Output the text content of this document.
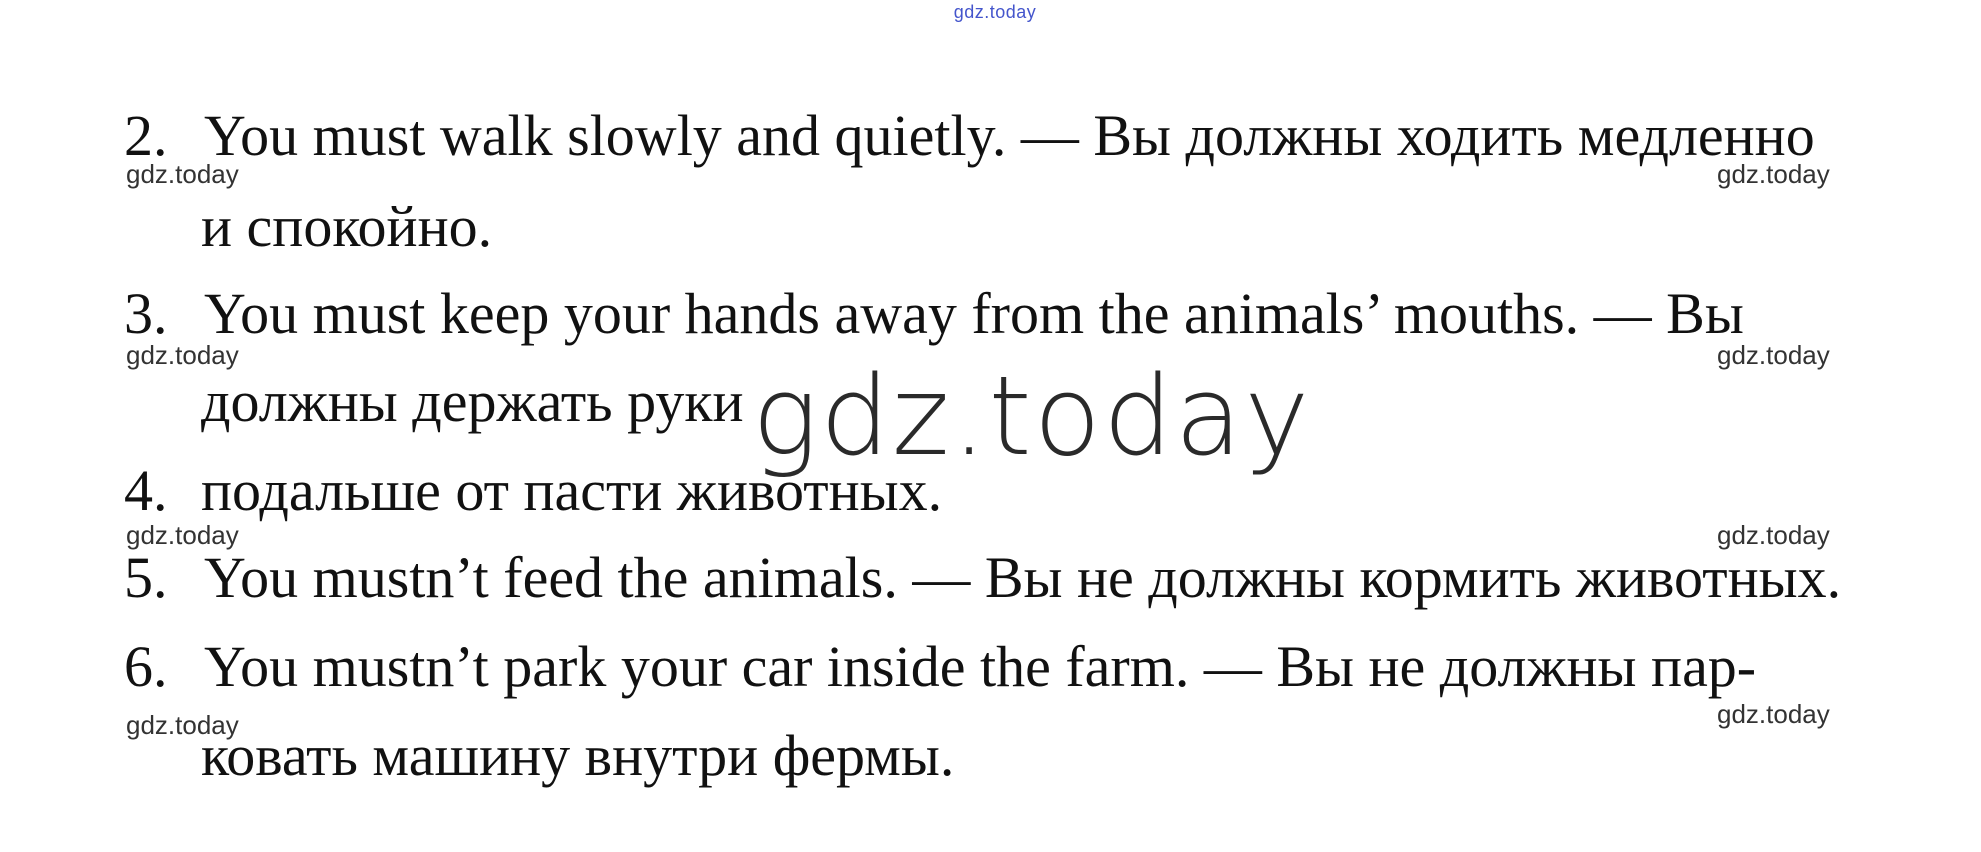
gdz.today
2. You must walk slowly and quietly. — Вы должны ходить медленно
и спокойно.
3. You must keep your hands away from the animals’ mouths. — Вы
должны держать руки
4. подальше от пасти животных.
5. You mustn’t feed the animals. — Вы не должны кормить животных.
6. You mustn’t park your car inside the farm. — Вы не должны пар-
ковать машину внутри фермы.
gdz.today	gdz.today
gdz.today	gdz.today
gdz.today	gdz.today
gdz.today	gdz.today
gdz.today
